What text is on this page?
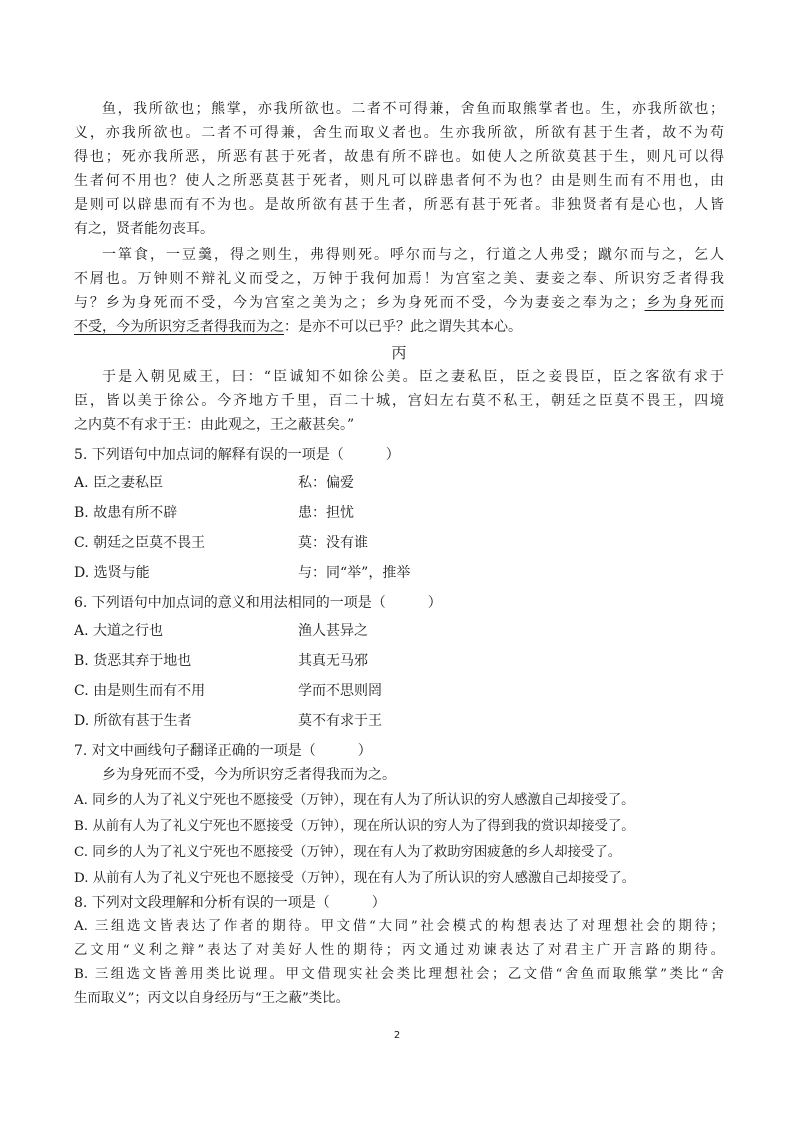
鱼，我所欲也；熊掌，亦我所欲也。二者不可得兼，舍鱼而取熊掌者也。生，亦我所欲也；
义，亦我所欲也。二者不可得兼，舍生而取义者也。生亦我所欲，所欲有甚于生者，故不为苟
得也；死亦我所恶，所恶有甚于死者，故患有所不辟也。如使人之所欲莫甚于生，则凡可以得
生者何不用也？使人之所恶莫甚于死者，则凡可以辟患者何不为也？由是则生而有不用也，由
是则可以辟患而有不为也。是故所欲有甚于生者，所恶有甚于死者。非独贤者有是心也，人皆
有之，贤者能勿丧耳。
一箪食，一豆羹，得之则生，弗得则死。呼尔而与之，行道之人弗受；蹴尔而与之，乞人
不屑也。万钟则不辩礼义而受之，万钟于我何加焉！为宫室之美、妻妾之奉、所识穷乏者得我
与？乡为身死而不受，今为宫室之美为之；乡为身死而不受，今为妻妾之奉为之；乡为身死而
不受，今为所识穷乏者得我而为之：是亦不可以已乎？此之谓失其本心。
丙
于是入朝见威王，曰：“臣诚知不如徐公美。臣之妻私臣，臣之妾畏臣，臣之客欲有求于
臣，皆以美于徐公。今齐地方千里，百二十城，宫妇左右莫不私王，朝廷之臣莫不畏王，四境
之内莫不有求于王：由此观之，王之蔽甚矣。”
5. 下列语句中加点词的解释有误的一项是（　　　）
A. 臣之妻私臣	私：偏爱
B. 故患有所不辟	患：担忧
C. 朝廷之臣莫不畏王	莫：没有谁
D. 选贤与能	与：同“举”，推举
6. 下列语句中加点词的意义和用法相同的一项是（　　　）
A. 大道之行也	渔人甚异之
B. 货恶其弃于地也	其真无马邪
C. 由是则生而有不用	学而不思则罔
D. 所欲有甚于生者	莫不有求于王
7. 对文中画线句子翻译正确的一项是（　　　）
乡为身死而不受，今为所识穷乏者得我而为之。
A. 同乡的人为了礼义宁死也不愿接受（万钟），现在有人为了所认识的穷人感激自己却接受了。
B. 从前有人为了礼义宁死也不愿接受（万钟），现在所认识的穷人为了得到我的赏识却接受了。
C. 同乡的人为了礼义宁死也不愿接受（万钟），现在有人为了救助穷困疲惫的乡人却接受了。
D. 从前有人为了礼义宁死也不愿接受（万钟），现在有人为了所认识的穷人感激自己却接受了。
8. 下列对文段理解和分析有误的一项是（　　　）
A. 三组选文皆表达了作者的期待。甲文借“大同”社会模式的构想表达了对理想社会的期待；
乙文用“义利之辩”表达了对美好人性的期待；丙文通过劝谏表达了对君主广开言路的期待。
B. 三组选文皆善用类比说理。甲文借现实社会类比理想社会；乙文借“舍鱼而取熊掌”类比“舍
生而取义”；丙文以自身经历与“王之蔽”类比。
2
